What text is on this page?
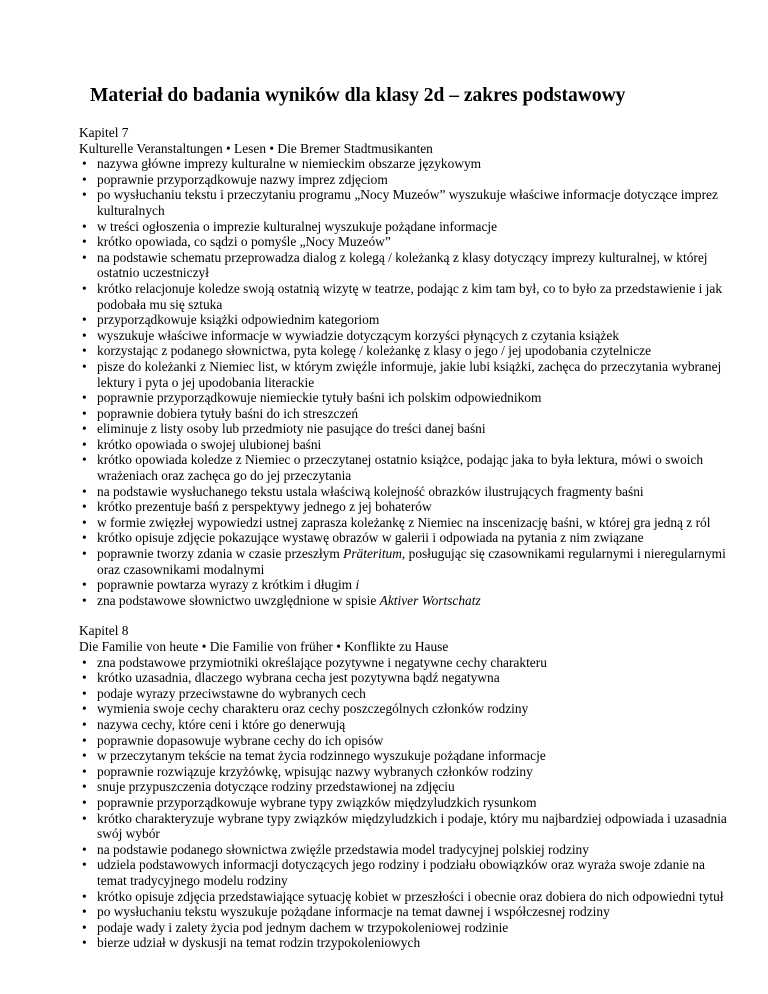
Materiał do badania wyników dla klasy 2d – zakres podstawowy

Kapitel 7

Kulturelle Veranstaltungen • Lesen • Die Bremer Stadtmusikanten

• nazywa główne imprezy kulturalne w niemieckim obszarze językowym
• poprawnie przyporządkowuje nazwy imprez zdjęciom
• po wysłuchaniu tekstu i przeczytaniu programu „Nocy Muzeów” wyszukuje właściwe informacje dotyczące imprez kulturalnych
• w treści ogłoszenia o imprezie kulturalnej wyszukuje pożądane informacje
• krótko opowiada, co sądzi o pomyśle „Nocy Muzeów”
• na podstawie schematu przeprowadza dialog z kolegą / koleżanką z klasy dotyczący imprezy kulturalnej, w której ostatnio uczestniczył
• krótko relacjonuje koledze swoją ostatnią wizytę w teatrze, podając z kim tam był, co to było za przedstawienie i jak podobała mu się sztuka
• przyporządkowuje książki odpowiednim kategoriom
• wyszukuje właściwe informacje w wywiadzie dotyczącym korzyści płynących z czytania książek
• korzystając z podanego słownictwa, pyta kolegę / koleżankę z klasy o jego / jej upodobania czytelnicze
• pisze do koleżanki z Niemiec list, w którym zwięźle informuje, jakie lubi książki, zachęca do przeczytania wybranej lektury i pyta o jej upodobania literackie
• poprawnie przyporządkowuje niemieckie tytuły baśni ich polskim odpowiednikom
• poprawnie dobiera tytuły baśni do ich streszczeń
• eliminuje z listy osoby lub przedmioty nie pasujące do treści danej baśni
• krótko opowiada o swojej ulubionej baśni
• krótko opowiada koledze z Niemiec o przeczytanej ostatnio książce, podając jaka to była lektura, mówi o swoich wrażeniach oraz zachęca go do jej przeczytania
• na podstawie wysłuchanego tekstu ustala właściwą kolejność obrazków ilustrujących fragmenty baśni
• krótko prezentuje baśń z perspektywy jednego z jej bohaterów
• w formie zwięzłej wypowiedzi ustnej zaprasza koleżankę z Niemiec na inscenizację baśni, w której gra jedną z ról
• krótko opisuje zdjęcie pokazujące wystawę obrazów w galerii i odpowiada na pytania z nim związane
• poprawnie tworzy zdania w czasie przeszłym Präteritum, posługując się czasownikami regularnymi i nieregularnymi oraz czasownikami modalnymi
• poprawnie powtarza wyrazy z krótkim i długim i
• zna podstawowe słownictwo uwzględnione w spisie Aktiver Wortschatz

Kapitel 8

Die Familie von heute • Die Familie von früher • Konflikte zu Hause

• zna podstawowe przymiotniki określające pozytywne i negatywne cechy charakteru
• krótko uzasadnia, dlaczego wybrana cecha jest pozytywna bądź negatywna
• podaje wyrazy przeciwstawne do wybranych cech
• wymienia swoje cechy charakteru oraz cechy poszczególnych członków rodziny
• nazywa cechy, które ceni i które go denerwują
• poprawnie dopasowuje wybrane cechy do ich opisów
• w przeczytanym tekście na temat życia rodzinnego wyszukuje pożądane informacje
• poprawnie rozwiązuje krzyżówkę, wpisując nazwy wybranych członków rodziny
• snuje przypuszczenia dotyczące rodziny przedstawionej na zdjęciu
• poprawnie przyporządkowuje wybrane typy związków międzyludzkich rysunkom
• krótko charakteryzuje wybrane typy związków międzyludzkich i podaje, który mu najbardziej odpowiada i uzasadnia swój wybór
• na podstawie podanego słownictwa zwięźle przedstawia model tradycyjnej polskiej rodziny
• udziela podstawowych informacji dotyczących jego rodziny i podziału obowiązków oraz wyraża swoje zdanie na temat tradycyjnego modelu rodziny
• krótko opisuje zdjęcia przedstawiające sytuację kobiet w przeszłości i obecnie oraz dobiera do nich odpowiedni tytuł
• po wysłuchaniu tekstu wyszukuje pożądane informacje na temat dawnej i współczesnej rodziny
• podaje wady i zalety życia pod jednym dachem w trzypokoleniowej rodzinie
• bierze udział w dyskusji na temat rodzin trzypokoleniowych
